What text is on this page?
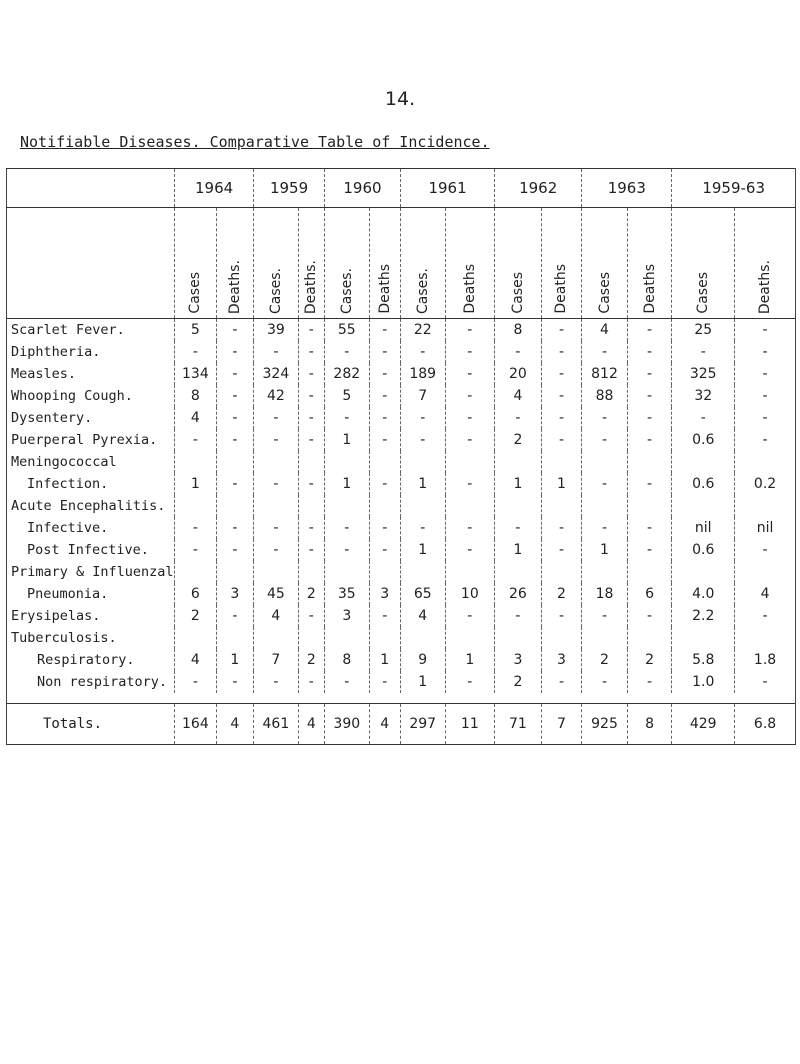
14.
Notifiable Diseases. Comparative Table of Incidence.
	1964		1959		1960		1961		1962		1963		1959-63	
	Cases	Deaths.	Cases.	Deaths.	Cases.	Deaths	Cases.	Deaths	Cases	Deaths	Cases	Deaths	Cases	Deaths.
Scarlet Fever.	5	-	39	-	55	-	22	-	8	-	4	-	25	-
Diphtheria.	-	-	-	-	-	-	-	-	-	-	-	-	-	-
Measles.	134	-	324	-	282	-	189	-	20	-	812	-	325	-
Whooping Cough.	8	-	42	-	5	-	7	-	4	-	88	-	32	-
Dysentery.	4	-	-	-	-	-	-	-	-	-	-	-	-	-
Puerperal Pyrexia.	-	-	-	-	1	-	-	-	2	-	-	-	0.6	-
Meningococcal														
Infection.	1	-	-	-	1	-	1	-	1	1	-	-	0.6	0.2
Acute Encephalitis.														
Infective.	-	-	-	-	-	-	-	-	-	-	-	-	nil	nil
Post Infective.	-	-	-	-	-	-	1	-	1	-	1	-	0.6	-
Primary & Influenzal														
Pneumonia.	6	3	45	2	35	3	65	10	26	2	18	6	4.0	4
Erysipelas.	2	-	4	-	3	-	4	-	-	-	-	-	2.2	-
Tuberculosis.														
Respiratory.	4	1	7	2	8	1	9	1	3	3	2	2	5.8	1.8
Non respiratory.	-	-	-	-	-	-	1	-	2	-	-	-	1.0	-

Totals.	164	4	461	4	390	4	297	11	71	7	925	8	429	6.8
